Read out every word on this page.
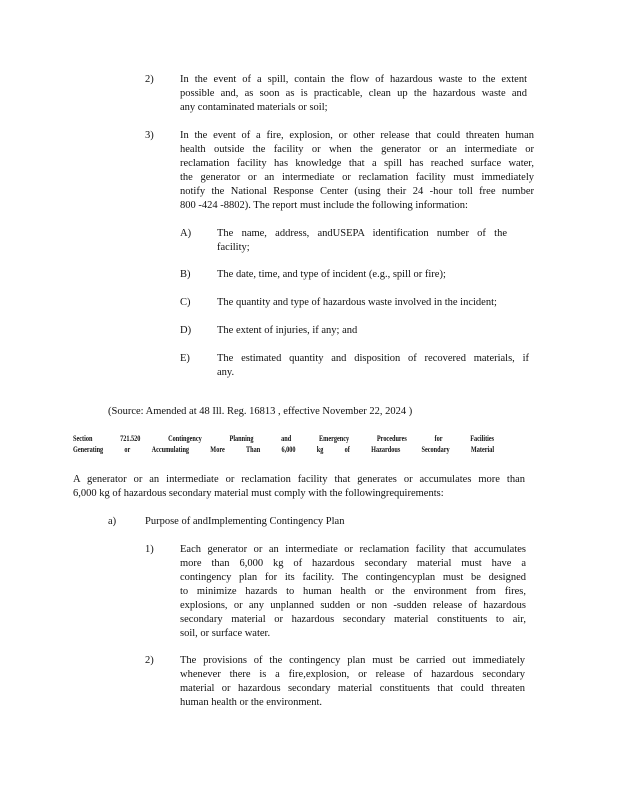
2)	In the event of a spill, contain the flow of hazardous waste to the extent
possible and, as soon as is practicable, clean up the hazardous waste and
any contaminated materials or soil;
3)	In the event of a fire, explosion, or other release that could threaten human
health outside the facility or when the generator or an intermediate or
reclamation facility has knowledge that a spill has reached surface water,
the generator or an intermediate or reclamation facility must immediately
notify the National Response Center (using their 24 -hour toll free number
800 -424 -8802). The report must include the following information:
A) The name, address, andUSEPA identification number of the
facility;
B)	The date, time, and type of incident (e.g., spill or fire);
C)	The quantity and type of hazardous waste involved in the incident;
D) The extent of injuries, if any; and
E)	The estimated quantity and disposition of recovered materials, if
any.
(Source: Amended at 48 Ill. Reg. 16813 , effective November 22, 2024 )
Section	721.520	Contingency	Planning	and	Emergency	Procedures	for	Facilities
Generating	or	Accumulating	More	Than	6,000	kg	of	Hazardous	Secondary	Material
A generator or an intermediate or reclamation facility that generates or accumulates more than
6,000 kg of hazardous secondary material must comply with the followingrequirements:
a)	Purpose of andImplementing Contingency Plan
1)	Each generator or an intermediate or reclamation facility that accumulates
more than 6,000 kg of hazardous secondary material must have a
contingency plan for its facility. The contingencyplan must be designed
to minimize hazards to human health or the environment from fires,
explosions, or any unplanned sudden or non -sudden release of hazardous
secondary material or hazardous secondary material constituents to air,
soil, or surface water.
2)	The provisions of the contingency plan must be carried out immediately
whenever there is a fire,explosion, or release of hazardous secondary
material or hazardous secondary material constituents that could threaten
human health or the environment.
